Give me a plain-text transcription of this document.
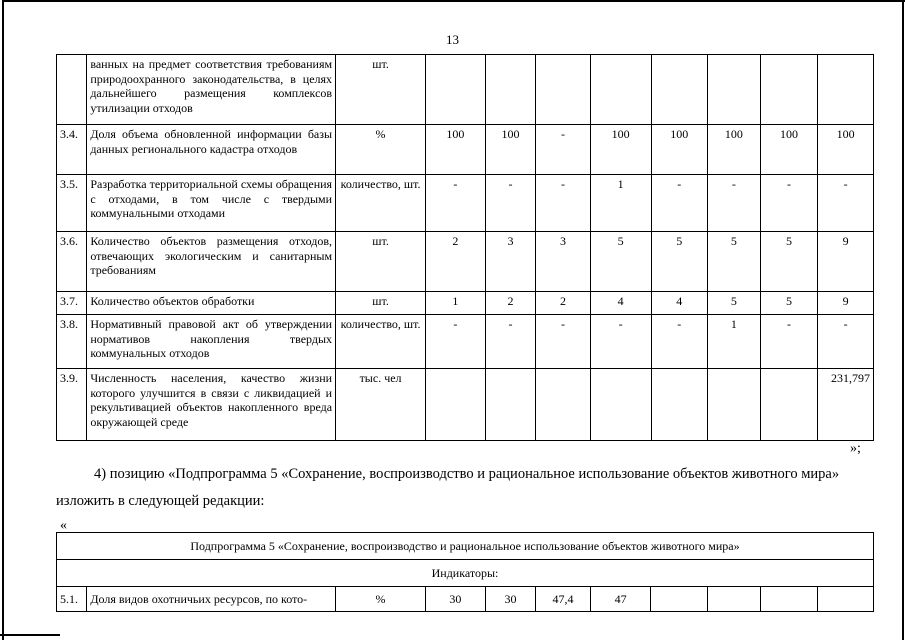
13
	ванных на предмет соответствия требованиям природоохранного законодательства, в целях дальнейшего размещения комплексов утилизации отходов	шт.								
3.4.	Доля объема обновленной информации базы данных регионального кадастра отходов	%	100	100	-	100	100	100	100	100
3.5.	Разработка территориальной схемы обращения с отходами, в том числе с твердыми коммунальными отходами	количество, шт.	-	-	-	1	-	-	-	-
3.6.	Количество объектов размещения отходов, отвечающих экологическим и санитарным требованиям	шт.	2	3	3	5	5	5	5	9
3.7.	Количество объектов обработки	шт.	1	2	2	4	4	5	5	9
3.8.	Нормативный правовой акт об утверждении нормативов накопления твердых коммунальных отходов	количество, шт.	-	-	-	-	-	1	-	-
3.9.	Численность населения, качество жизни которого улучшится в связи с ликвидацией и рекультивацией объектов накопленного вреда окружающей среде	тыс. чел								231,797
»;
4) позицию «Подпрограмма 5 «Сохранение, воспроизводство и рациональное использование объектов животного мира»
изложить в следующей редакции:
«
Подпрограмма 5 «Сохранение, воспроизводство и рациональное использование объектов животного мира»
Индикаторы:
5.1.	Доля видов охотничьих ресурсов, по кото-	%	30	30	47,4	47				
